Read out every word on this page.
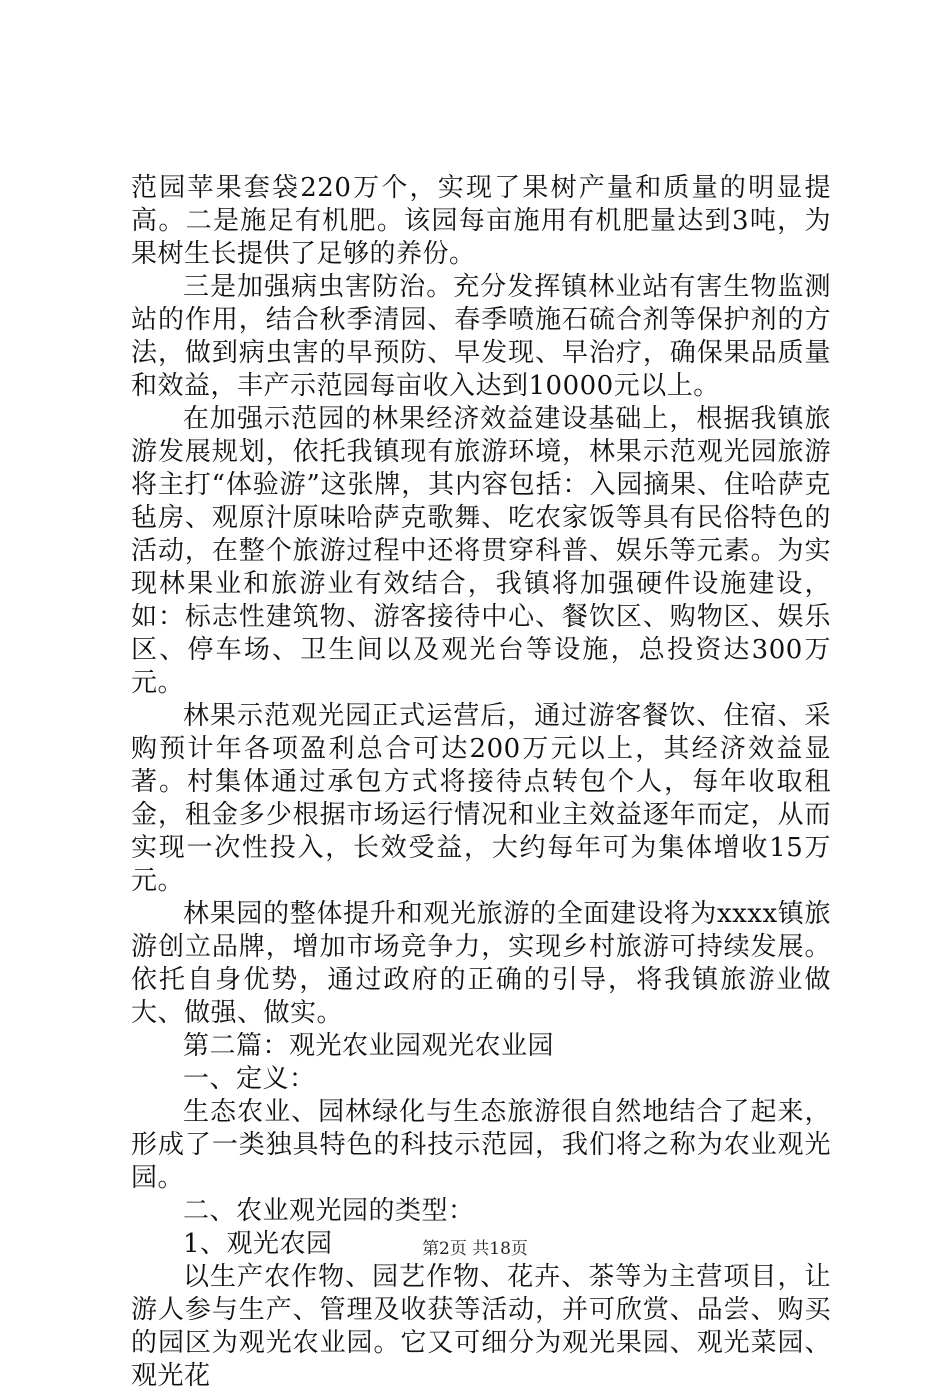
范园苹果套袋220万个，实现了果树产量和质量的明显提高。二是施足有机肥。该园每亩施用有机肥量达到3吨，为果树生长提供了足够的养份。

三是加强病虫害防治。充分发挥镇林业站有害生物监测站的作用，结合秋季清园、春季喷施石硫合剂等保护剂的方法，做到病虫害的早预防、早发现、早治疗，确保果品质量和效益，丰产示范园每亩收入达到10000元以上。

在加强示范园的林果经济效益建设基础上，根据我镇旅游发展规划，依托我镇现有旅游环境，林果示范观光园旅游将主打“体验游”这张牌，其内容包括：入园摘果、住哈萨克毡房、观原汁原味哈萨克歌舞、吃农家饭等具有民俗特色的活动，在整个旅游过程中还将贯穿科普、娱乐等元素。为实现林果业和旅游业有效结合，我镇将加强硬件设施建设，如：标志性建筑物、游客接待中心、餐饮区、购物区、娱乐区、停车场、卫生间以及观光台等设施，总投资达300万元。

林果示范观光园正式运营后，通过游客餐饮、住宿、采购预计年各项盈利总合可达200万元以上，其经济效益显著。村集体通过承包方式将接待点转包个人，每年收取租金，租金多少根据市场运行情况和业主效益逐年而定，从而实现一次性投入，长效受益，大约每年可为集体增收15万元。

林果园的整体提升和观光旅游的全面建设将为xxxx镇旅游创立品牌，增加市场竞争力，实现乡村旅游可持续发展。依托自身优势，通过政府的正确的引导，将我镇旅游业做大、做强、做实。

第二篇：观光农业园观光农业园

一、定义：

生态农业、园林绿化与生态旅游很自然地结合了起来，形成了一类独具特色的科技示范园，我们将之称为农业观光园。

二、农业观光园的类型：

1、观光农园

以生产农作物、园艺作物、花卉、茶等为主营项目，让游人参与生产、管理及收获等活动，并可欣赏、品尝、购买的园区为观光农业园。它又可细分为观光果园、观光菜园、观光花

第2页 共18页
